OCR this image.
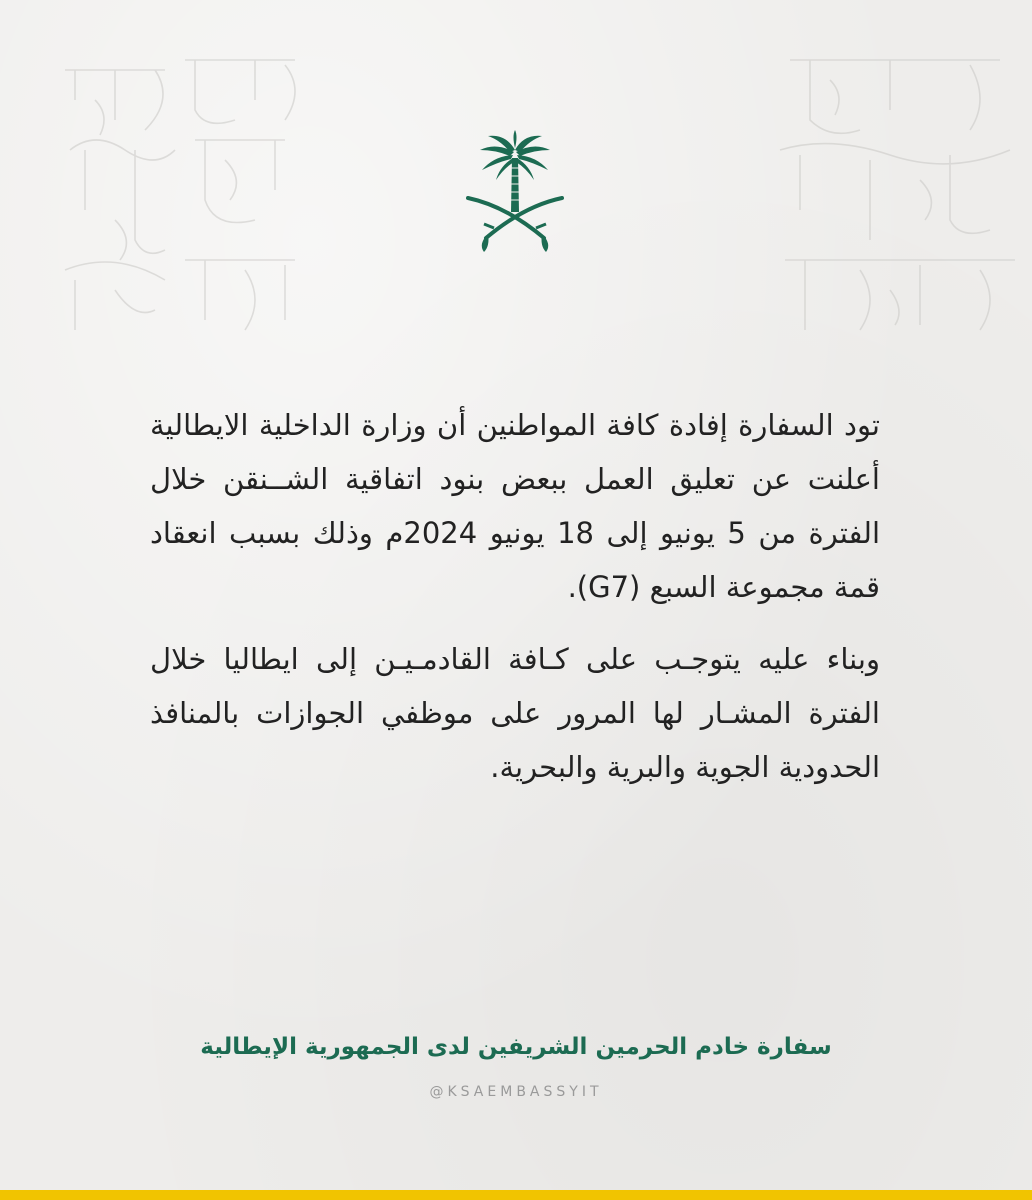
تود السفارة إفادة كافة المواطنين أن وزارة الداخلية الايطالية أعلنت عن تعليق العمل ببعض بنود اتفاقية الشــنقن خلال الفترة من 5 يونيو إلى 18 يونيو 2024م وذلك بسبب انعقاد قمة مجموعة السبع (G7).

وبناء عليه يتوجـب على كـافة القادمـيـن إلى ايطاليا خلال الفترة المشـار لها المرور على موظفي الجوازات بالمنافذ الحدودية الجوية والبرية والبحرية.

سفارة خادم الحرمين الشريفين لدى الجمهورية الإيطالية
@KSAEMBASSYIT
